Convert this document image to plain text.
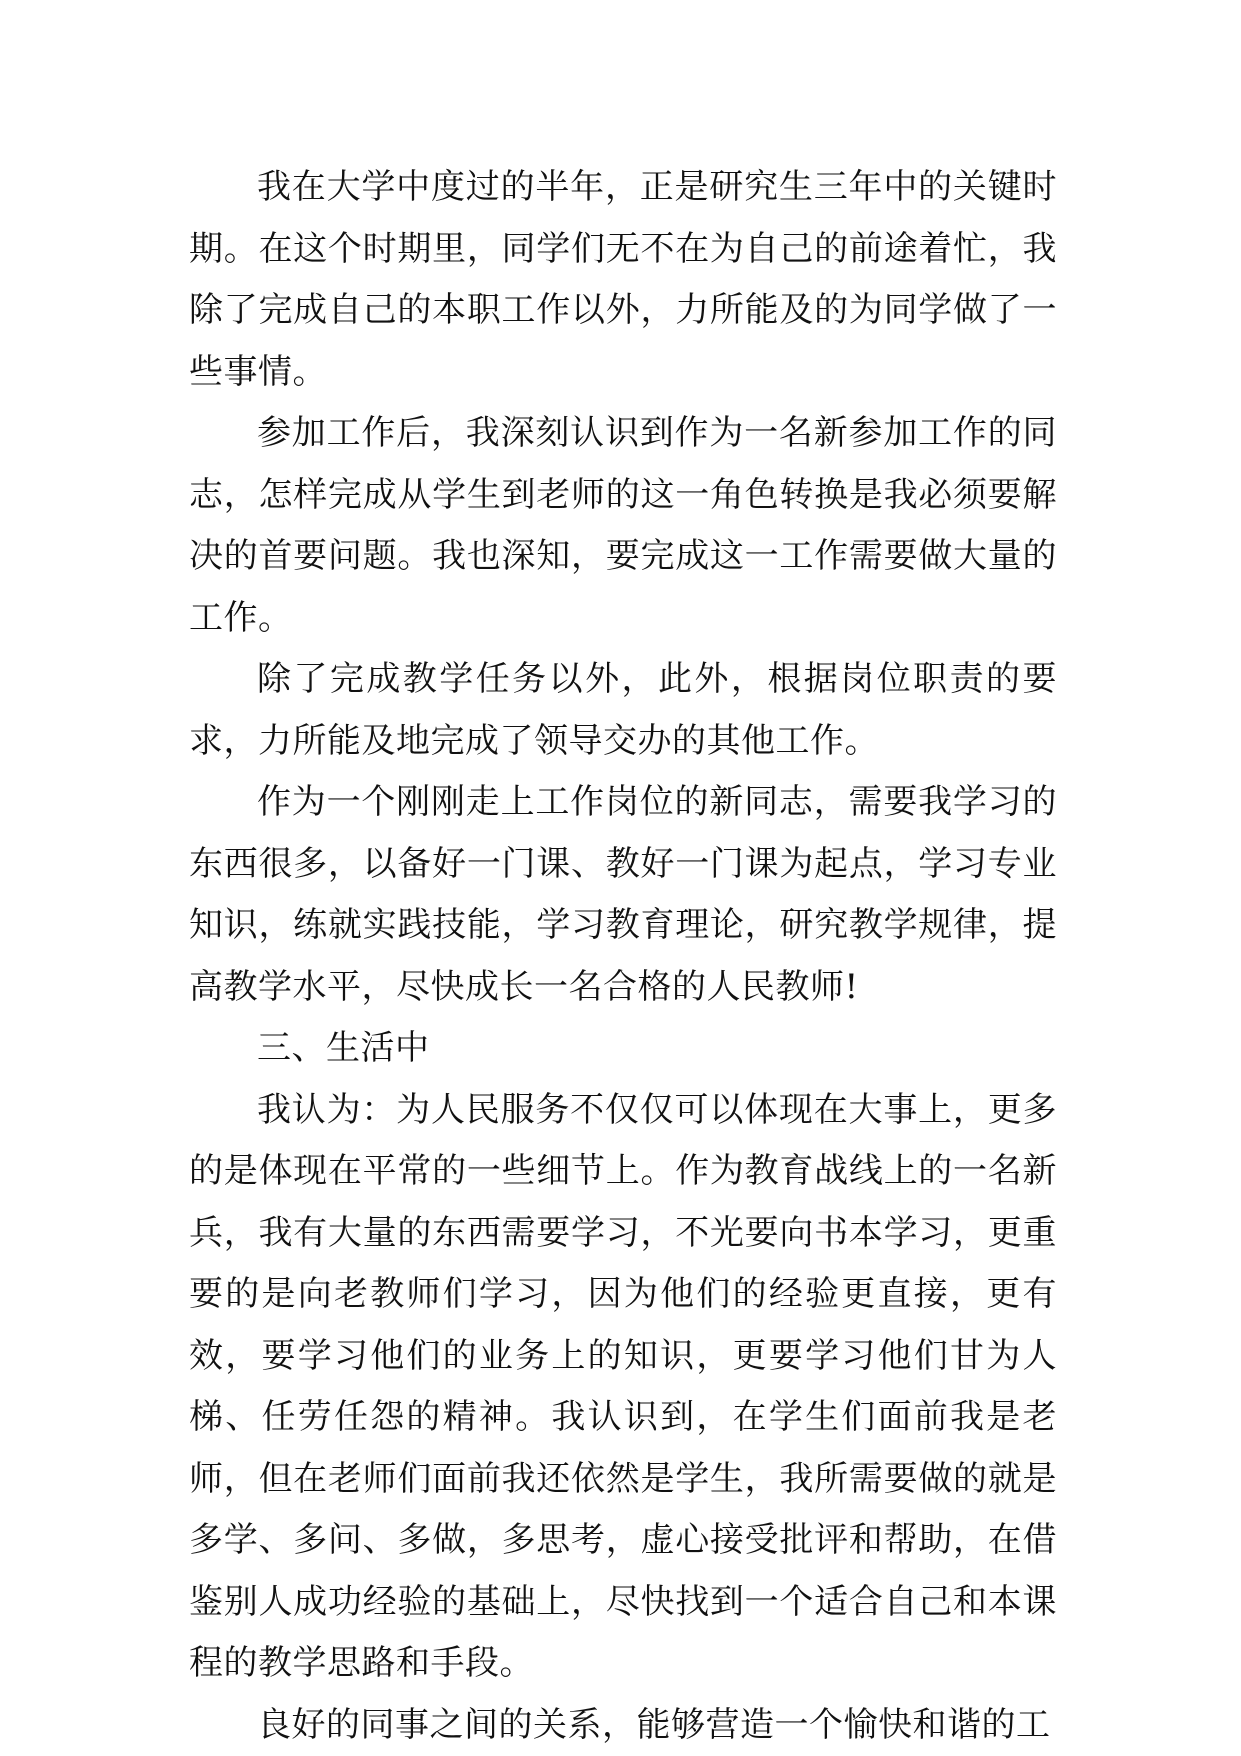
我在大学中度过的半年，正是研究生三年中的关键时期。在这个时期里，同学们无不在为自己的前途着忙，我除了完成自己的本职工作以外，力所能及的为同学做了一些事情。

参加工作后，我深刻认识到作为一名新参加工作的同志，怎样完成从学生到老师的这一角色转换是我必须要解决的首要问题。我也深知，要完成这一工作需要做大量的工作。

除了完成教学任务以外，此外，根据岗位职责的要求，力所能及地完成了领导交办的其他工作。

作为一个刚刚走上工作岗位的新同志，需要我学习的东西很多，以备好一门课、教好一门课为起点，学习专业知识，练就实践技能，学习教育理论，研究教学规律，提高教学水平，尽快成长一名合格的人民教师!

三、生活中

我认为：为人民服务不仅仅可以体现在大事上，更多的是体现在平常的一些细节上。作为教育战线上的一名新兵，我有大量的东西需要学习，不光要向书本学习，更重要的是向老教师们学习，因为他们的经验更直接，更有效，要学习他们的业务上的知识，更要学习他们甘为人梯、任劳任怨的精神。我认识到，在学生们面前我是老师，但在老师们面前我还依然是学生，我所需要做的就是多学、多问、多做，多思考，虚心接受批评和帮助，在借鉴别人成功经验的基础上，尽快找到一个适合自己和本课程的教学思路和手段。

良好的同事之间的关系，能够营造一个愉快和谐的工
